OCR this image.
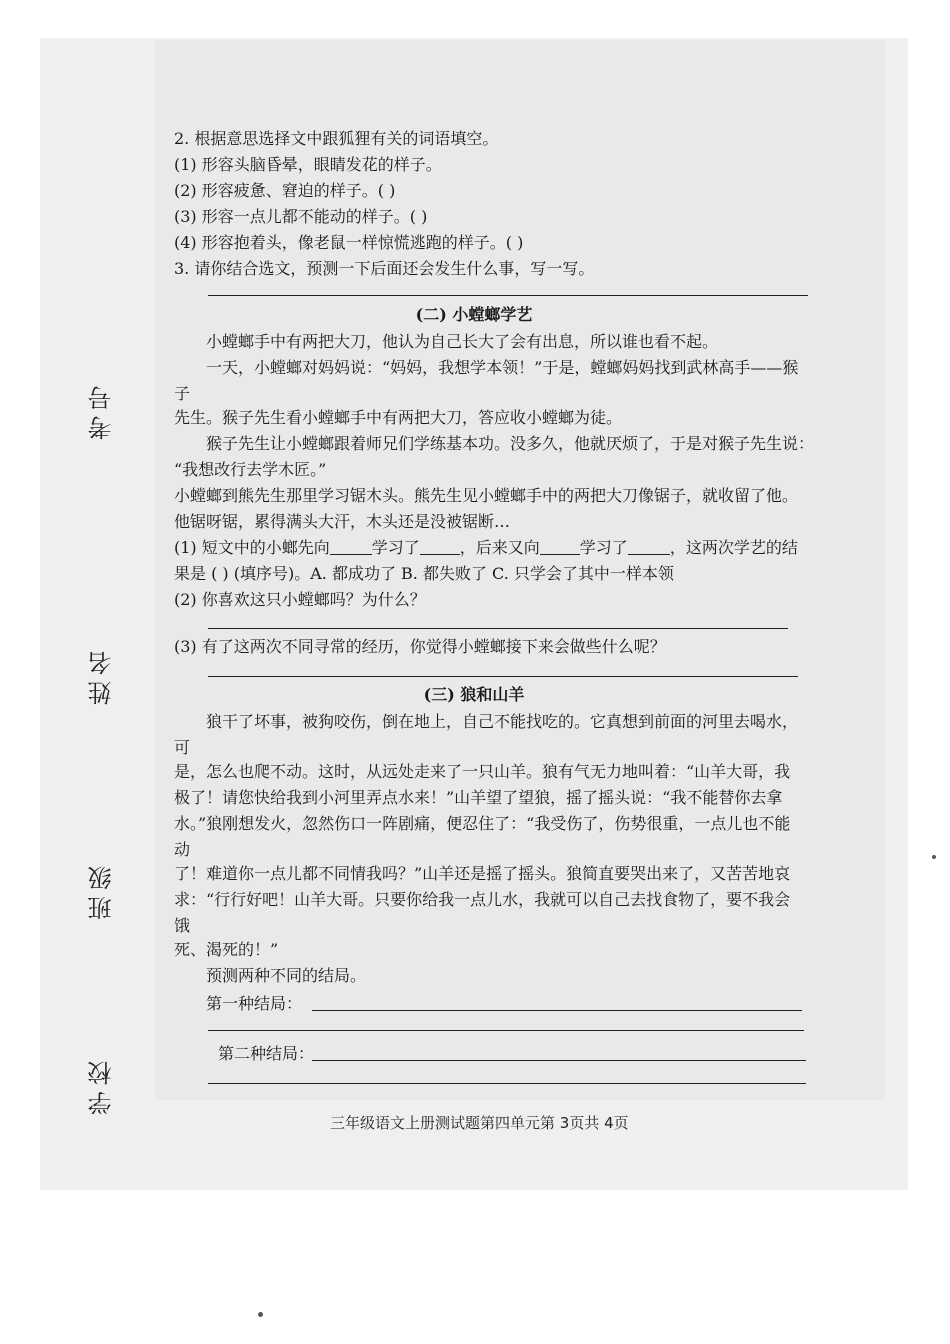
考号
姓名
班级
学校
2. 根据意思选择文中跟狐狸有关的词语填空。
(1) 形容头脑昏晕，眼睛发花的样子。
(2) 形容疲惫、窘迫的样子。( )
(3) 形容一点儿都不能动的样子。( )
(4) 形容抱着头，像老鼠一样惊慌逃跑的样子。( )
3. 请你结合选文，预测一下后面还会发生什么事，写一写。
(二) 小螳螂学艺
小螳螂手中有两把大刀，他认为自己长大了会有出息，所以谁也看不起。
一天，小螳螂对妈妈说：“妈妈，我想学本领！”于是，螳螂妈妈找到武林高手——猴
子
先生。猴子先生看小螳螂手中有两把大刀，答应收小螳螂为徒。
猴子先生让小螳螂跟着师兄们学练基本功。没多久，他就厌烦了，于是对猴子先生说：
“我想改行去学木匠。”
小螳螂到熊先生那里学习锯木头。熊先生见小螳螂手中的两把大刀像锯子，就收留了他。
他锯呀锯，累得满头大汗，木头还是没被锯断…
(1) 短文中的小螂先向	学习了	，后来又向	学习了	，这两次学艺的结
果是 ( ) (填序号)。A. 都成功了 B. 都失败了 C. 只学会了其中一样本领
(2) 你喜欢这只小螳螂吗？为什么？
(3) 有了这两次不同寻常的经历，你觉得小螳螂接下来会做些什么呢？
(三) 狼和山羊
狼干了坏事，被狗咬伤，倒在地上，自己不能找吃的。它真想到前面的河里去喝水，
可
是，怎么也爬不动。这时，从远处走来了一只山羊。狼有气无力地叫着：“山羊大哥，我
极了！请您快给我到小河里弄点水来！”山羊望了望狼，摇了摇头说：“我不能替你去拿
水。”狼刚想发火，忽然伤口一阵剧痛，便忍住了：“我受伤了，伤势很重，一点儿也不能
动
了！难道你一点儿都不同情我吗？”山羊还是摇了摇头。狼简直要哭出来了，又苦苦地哀
求：“行行好吧！山羊大哥。只要你给我一点儿水，我就可以自己去找食物了，要不我会
饿
死、渴死的！”
预测两种不同的结局。
第一种结局：
第二种结局：
三年级语文上册测试题第四单元第 3页共 4页
